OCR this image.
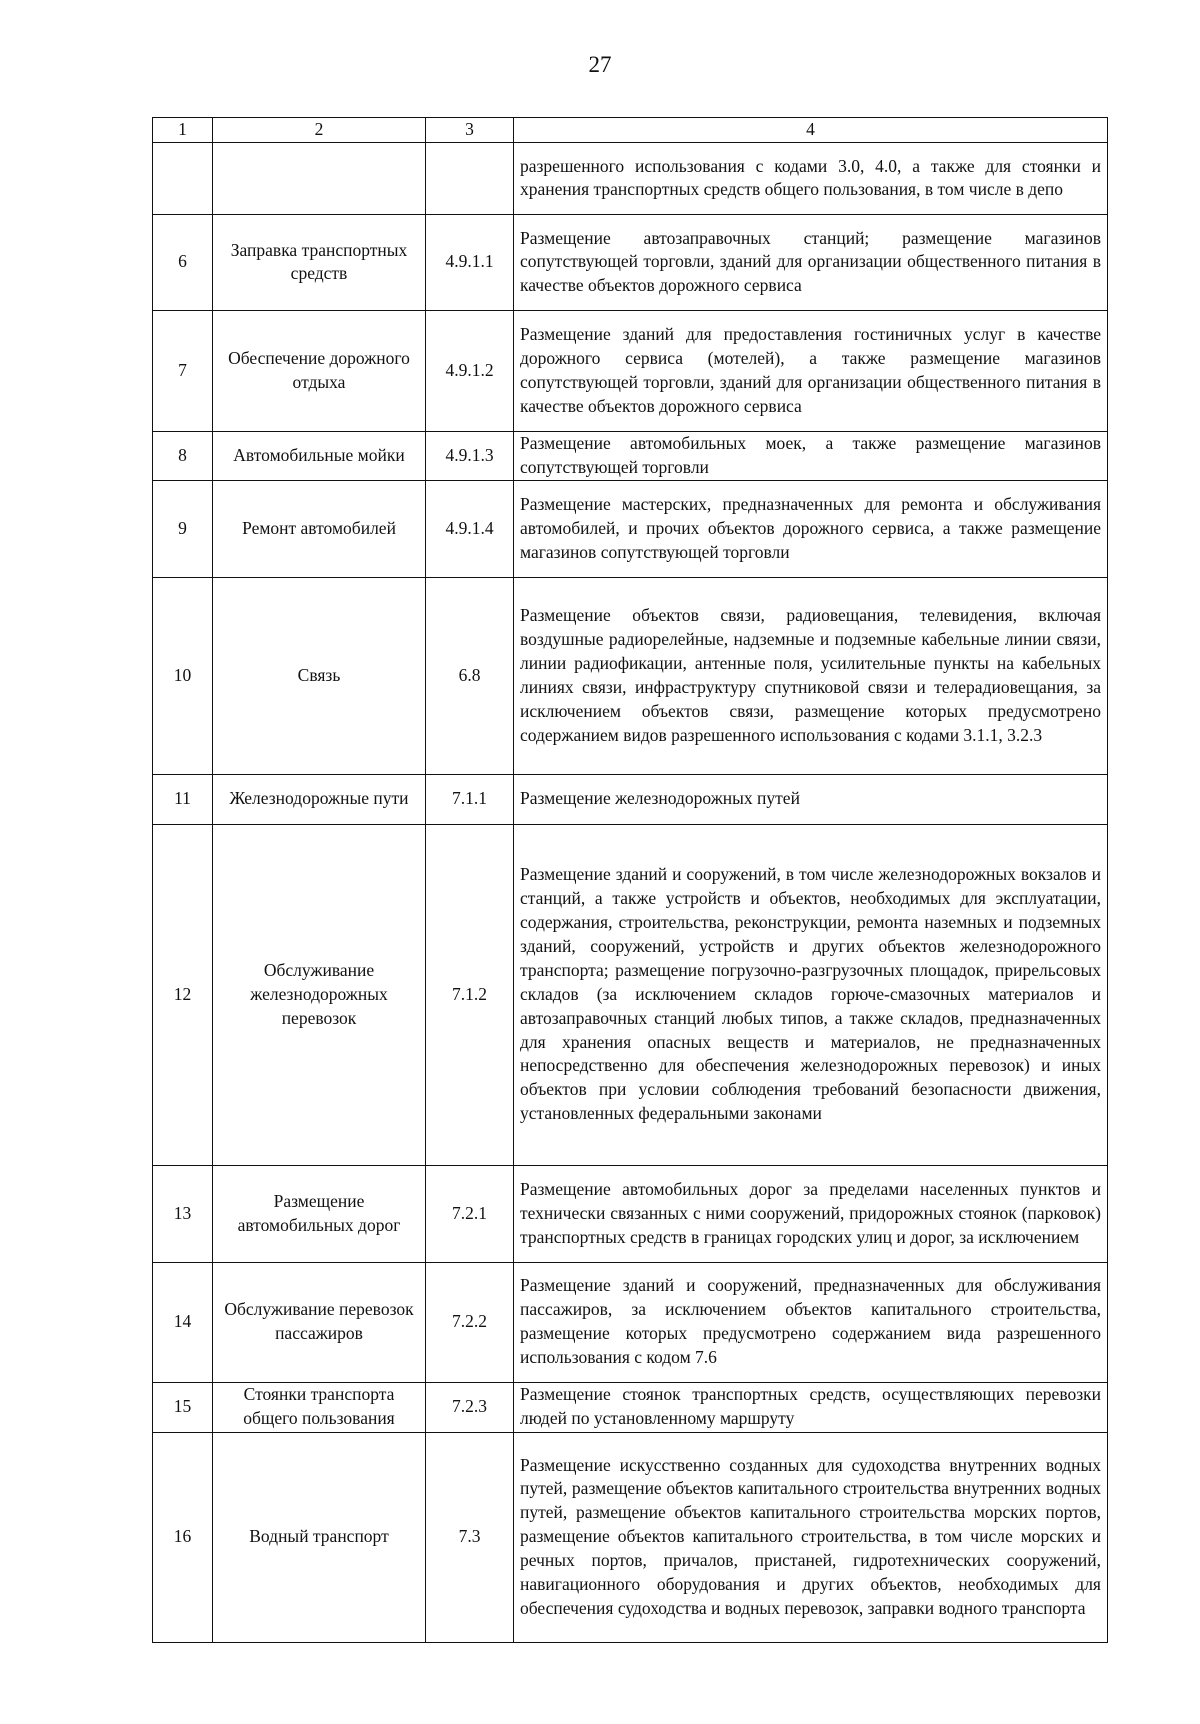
27
1	2	3	4
			разрешенного использования с кодами 3.0, 4.0, а также для стоянки и хранения транспортных средств общего пользования, в том числе в депо
6	Заправка транспортных средств	4.9.1.1	Размещение автозаправочных станций; размещение магазинов сопутствующей торговли, зданий для организации общественного питания в качестве объектов дорожного сервиса
7	Обеспечение дорожного отдыха	4.9.1.2	Размещение зданий для предоставления гостиничных услуг в качестве дорожного сервиса (мотелей), а также размещение магазинов сопутствующей торговли, зданий для организации общественного питания в качестве объектов дорожного сервиса
8	Автомобильные мойки	4.9.1.3	Размещение автомобильных моек, а также размещение магазинов сопутствующей торговли
9	Ремонт автомобилей	4.9.1.4	Размещение мастерских, предназначенных для ремонта и обслуживания автомобилей, и прочих объектов дорожного сервиса, а также размещение магазинов сопутствующей торговли
10	Связь	6.8	Размещение объектов связи, радиовещания, телевидения, включая воздушные радиорелейные, надземные и подземные кабельные линии связи, линии радиофикации, антенные поля, усилительные пункты на кабельных линиях связи, инфраструктуру спутниковой связи и телерадиовещания, за исключением объектов связи, размещение которых предусмотрено содержанием видов разрешенного использования с кодами 3.1.1, 3.2.3
11	Железнодорожные пути	7.1.1	Размещение железнодорожных путей
12	Обслуживание железнодорожных перевозок	7.1.2	Размещение зданий и сооружений, в том числе железнодорожных вокзалов и станций, а также устройств и объектов, необходимых для эксплуатации, содержания, строительства, реконструкции, ремонта наземных и подземных зданий, сооружений, устройств и других объектов железнодорожного транспорта; размещение погрузочно-разгрузочных площадок, прирельсовых складов (за исключением складов горюче-смазочных материалов и автозаправочных станций любых типов, а также складов, предназначенных для хранения опасных веществ и материалов, не предназначенных непосредственно для обеспечения железнодорожных перевозок) и иных объектов при условии соблюдения требований безопасности движения, установленных федеральными законами
13	Размещение автомобильных дорог	7.2.1	Размещение автомобильных дорог за пределами населенных пунктов и технически связанных с ними сооружений, придорожных стоянок (парковок) транспортных средств в границах городских улиц и дорог, за исключением
14	Обслуживание перевозок пассажиров	7.2.2	Размещение зданий и сооружений, предназначенных для обслуживания пассажиров, за исключением объектов капитального строительства, размещение которых предусмотрено содержанием вида разрешенного использования с кодом 7.6
15	Стоянки транспорта общего пользования	7.2.3	Размещение стоянок транспортных средств, осуществляющих перевозки людей по установленному маршруту
16	Водный транспорт	7.3	Размещение искусственно созданных для судоходства внутренних водных путей, размещение объектов капитального строительства внутренних водных путей, размещение объектов капитального строительства морских портов, размещение объектов капитального строительства, в том числе морских и речных портов, причалов, пристаней, гидротехнических сооружений, навигационного оборудования и других объектов, необходимых для обеспечения судоходства и водных перевозок, заправки водного транспорта
